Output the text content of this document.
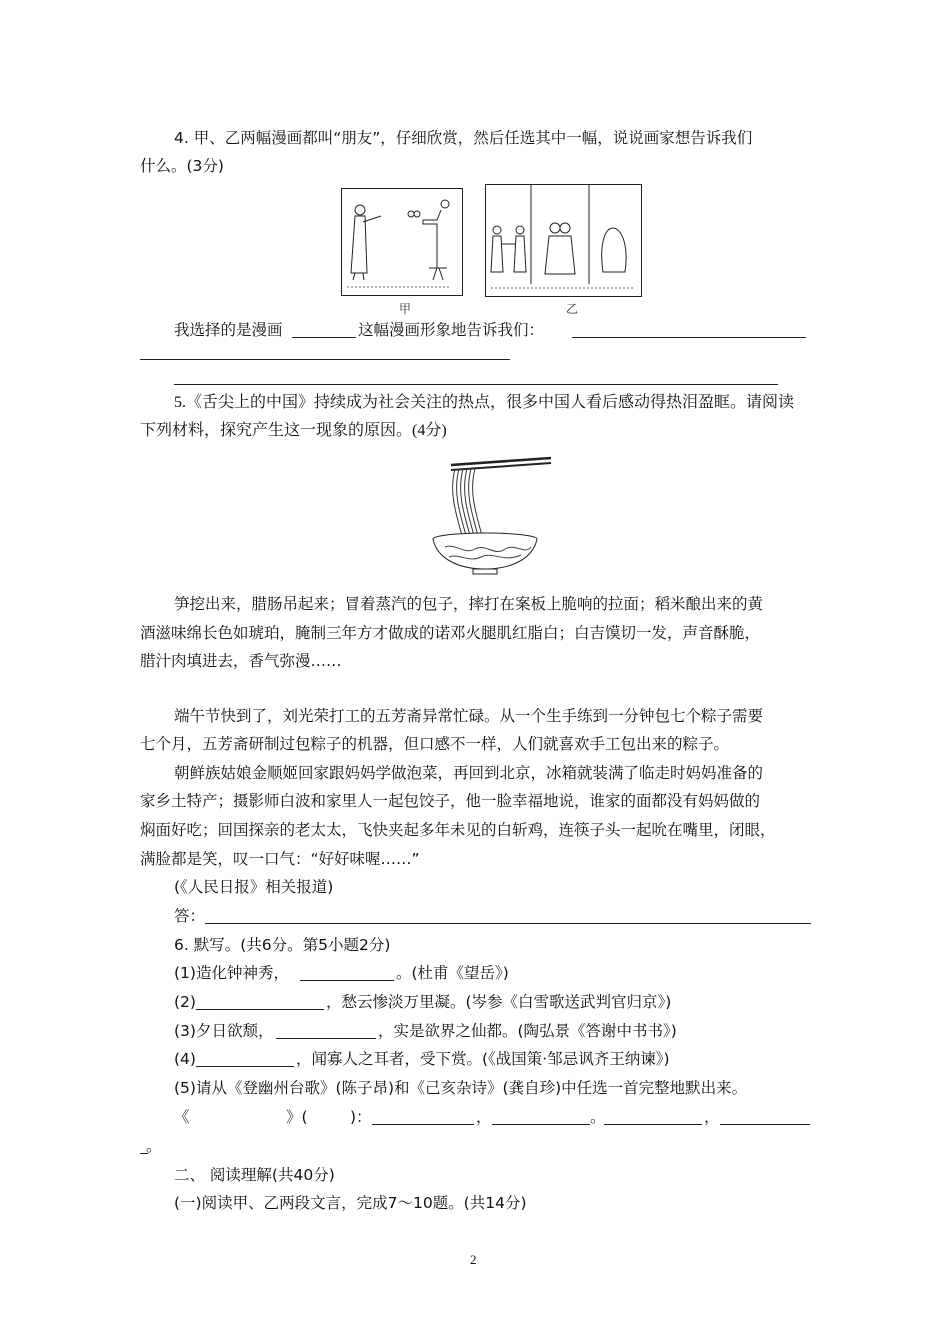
4. 甲、乙两幅漫画都叫“朋友”，仔细欣赏，然后任选其中一幅，说说画家想告诉我们
什么。(3分)
甲	乙
我选择的是漫画	这幅漫画形象地告诉我们：
5.《舌尖上的中国》持续成为社会关注的热点，很多中国人看后感动得热泪盈眶。请阅读
下列材料，探究产生这一现象的原因。(4分)
笋挖出来，腊肠吊起来；冒着蒸汽的包子，摔打在案板上脆响的拉面；稻米酿出来的黄
酒滋味绵长色如琥珀，腌制三年方才做成的诺邓火腿肌红脂白；白吉馍切一发，声音酥脆，
腊汁肉填进去，香气弥漫……
端午节快到了，刘光荣打工的五芳斋异常忙碌。从一个生手练到一分钟包七个粽子需要
七个月，五芳斋研制过包粽子的机器，但口感不一样，人们就喜欢手工包出来的粽子。
朝鲜族姑娘金顺姬回家跟妈妈学做泡菜，再回到北京，冰箱就装满了临走时妈妈准备的
家乡土特产；摄影师白波和家里人一起包饺子，他一脸幸福地说，谁家的面都没有妈妈做的
焖面好吃；回国探亲的老太太，飞快夹起多年未见的白斩鸡，连筷子头一起吮在嘴里，闭眼，
满脸都是笑，叹一口气：“好好味喔……”
(《人民日报》相关报道)
答：
6. 默写。(共6分。第5小题2分)
(1)造化钟神秀，	。(杜甫《望岳》)
(2)	，愁云惨淡万里凝。(岑参《白雪歌送武判官归京》)
(3)夕日欲颓，	，实是欲界之仙都。(陶弘景《答谢中书书》)
(4)	，闻寡人之耳者，受下赏。(《战国策·邹忌讽齐王纳谏》)
(5)请从《登幽州台歌》(陈子昂)和《己亥杂诗》(龚自珍)中任选一首完整地默出来。
《	》(	)：	，	。	，
。
二、 阅读理解(共40分)
(一)阅读甲、乙两段文言，完成7～10题。(共14分)
2
